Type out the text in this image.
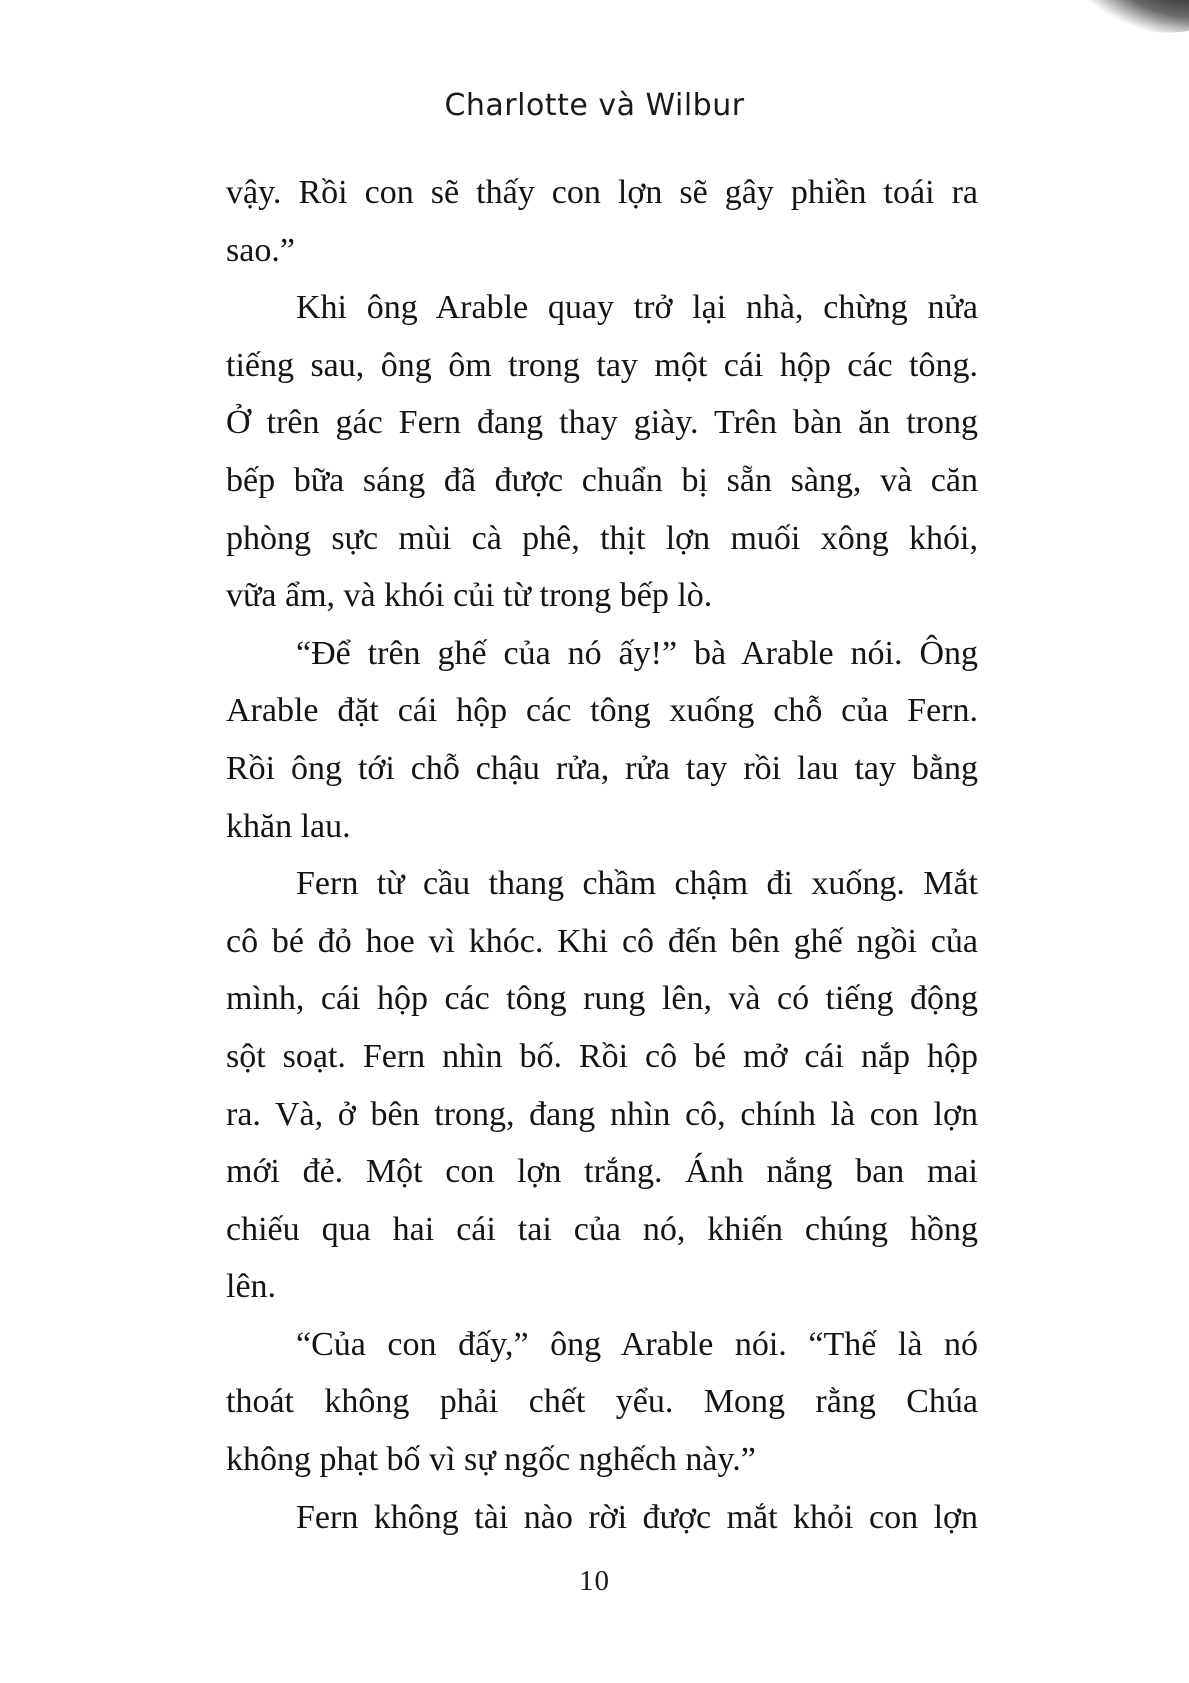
Charlotte và Wilbur
vậy. Rồi con sẽ thấy con lợn sẽ gây phiền toái ra
sao.”
Khi ông Arable quay trở lại nhà, chừng nửa
tiếng sau, ông ôm trong tay một cái hộp các tông.
Ở trên gác Fern đang thay giày. Trên bàn ăn trong
bếp bữa sáng đã được chuẩn bị sẵn sàng, và căn
phòng sực mùi cà phê, thịt lợn muối xông khói,
vữa ẩm, và khói củi từ trong bếp lò.
“Để trên ghế của nó ấy!” bà Arable nói. Ông
Arable đặt cái hộp các tông xuống chỗ của Fern.
Rồi ông tới chỗ chậu rửa, rửa tay rồi lau tay bằng
khăn lau.
Fern từ cầu thang chầm chậm đi xuống. Mắt
cô bé đỏ hoe vì khóc. Khi cô đến bên ghế ngồi của
mình, cái hộp các tông rung lên, và có tiếng động
sột soạt. Fern nhìn bố. Rồi cô bé mở cái nắp hộp
ra. Và, ở bên trong, đang nhìn cô, chính là con lợn
mới đẻ. Một con lợn trắng. Ánh nắng ban mai
chiếu qua hai cái tai của nó, khiến chúng hồng
lên.
“Của con đấy,” ông Arable nói. “Thế là nó
thoát không phải chết yểu. Mong rằng Chúa
không phạt bố vì sự ngốc nghếch này.”
Fern không tài nào rời được mắt khỏi con lợn
10
